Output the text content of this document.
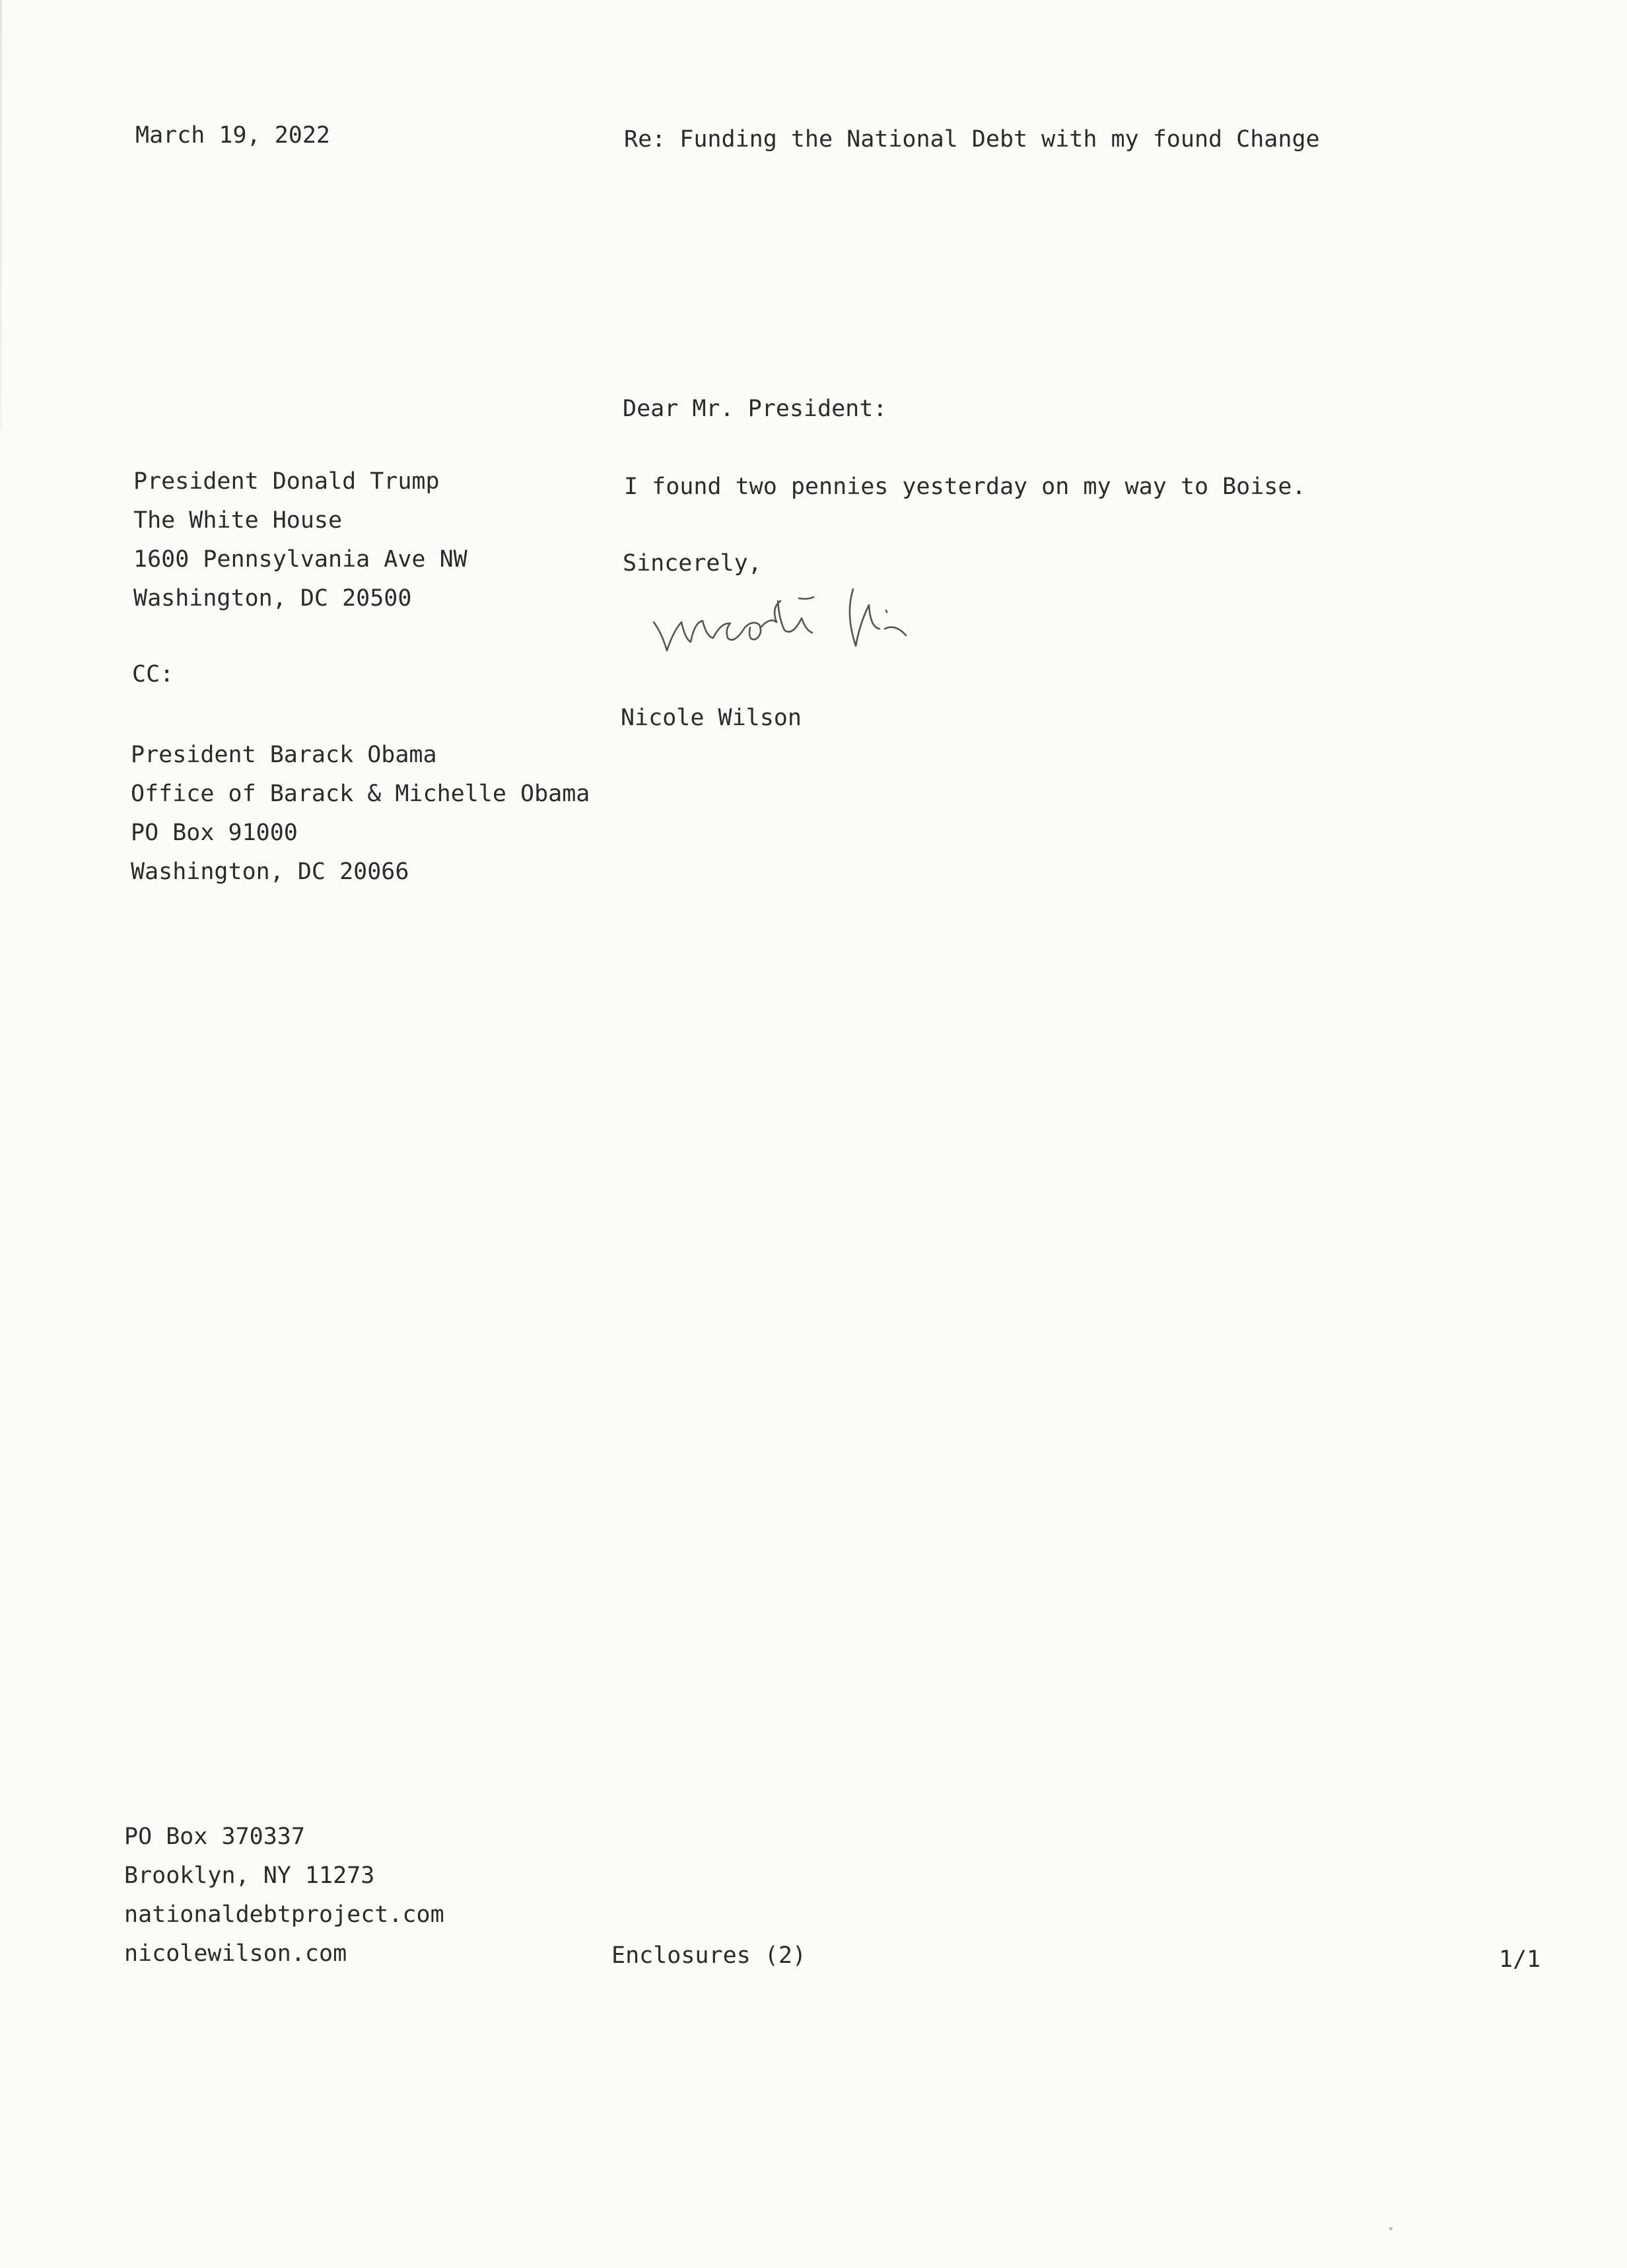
March 19, 2022	Re: Funding the National Debt with my found Change
Dear Mr. President:
I found two pennies yesterday on my way to Boise.
Sincerely,
Nicole Wilson
President Donald Trump
The White House
1600 Pennsylvania Ave NW
Washington, DC 20500
CC:
President Barack Obama
Office of Barack & Michelle Obama
PO Box 91000
Washington, DC 20066
PO Box 370337
Brooklyn, NY 11273
nationaldebtproject.com
nicolewilson.com	Enclosures (2)	1/1
